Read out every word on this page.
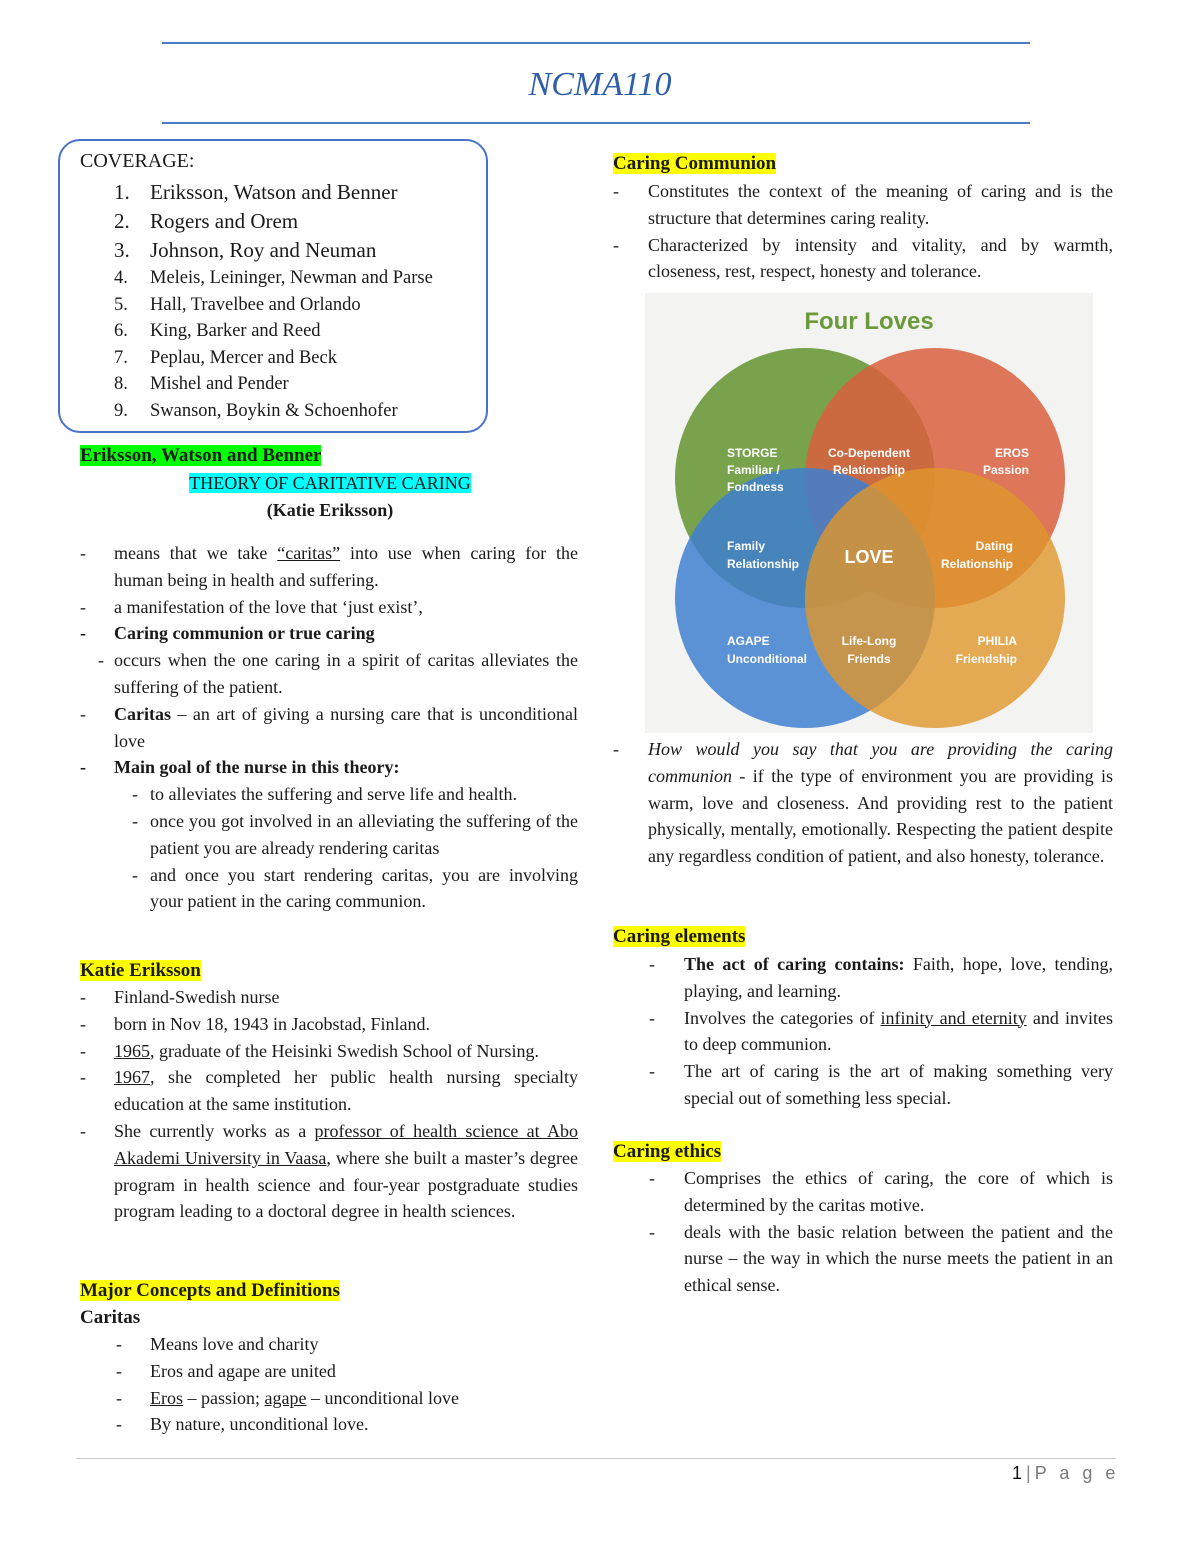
NCMA110
COVERAGE:
1. Eriksson, Watson and Benner
2. Rogers and Orem
3. Johnson, Roy and Neuman
4.	Meleis, Leininger, Newman and Parse
5.	Hall, Travelbee and Orlando
6.	King, Barker and Reed
7.	Peplau, Mercer and Beck
8.	Mishel and Pender
9.	Swanson, Boykin & Schoenhofer
Eriksson, Watson and Benner
THEORY OF CARITATIVE CARING
(Katie Eriksson)
- means that we take “caritas” into use when caring for the human being in health and suffering.
- a manifestation of the love that ‘just exist’,
- Caring communion or true caring
- occurs when the one caring in a spirit of caritas alleviates the suffering of the patient.
- Caritas – an art of giving a nursing care that is unconditional love
- Main goal of the nurse in this theory:
- to alleviates the suffering and serve life and health.
- once you got involved in an alleviating the suffering of the patient you are already rendering caritas
- and once you start rendering caritas, you are involving your patient in the caring communion.
Katie Eriksson
- Finland-Swedish nurse
- born in Nov 18, 1943 in Jacobstad, Finland.
- 1965, graduate of the Heisinki Swedish School of Nursing.
- 1967, she completed her public health nursing specialty education at the same institution.
- She currently works as a professor of health science at Abo Akademi University in Vaasa, where she built a master’s degree program in health science and four-year postgraduate studies program leading to a doctoral degree in health sciences.
Major Concepts and Definitions
Caritas
- Means love and charity
- Eros and agape are united
- Eros – passion; agape – unconditional love
- By nature, unconditional love.
Caring Communion
- Constitutes the context of the meaning of caring and is the structure that determines caring reality.
- Characterized by intensity and vitality, and by warmth, closeness, rest, respect, honesty and tolerance.
Four Loves
STORGE
Familiar /
Fondness
Co-Dependent
Relationship
EROS
Passion
Family
Relationship	LOVE
Dating
Relationship
AGAPE
Unconditional
Life-Long
Friends
PHILIA
Friendship
- How would you say that you are providing the caring communion - if the type of environment you are providing is warm, love and closeness. And providing rest to the patient physically, mentally, emotionally. Respecting the patient despite any regardless condition of patient, and also honesty, tolerance.
Caring elements
- The act of caring contains: Faith, hope, love, tending, playing, and learning.
- Involves the categories of infinity and eternity and invites to deep communion.
- The art of caring is the art of making something very special out of something less special.
Caring ethics
- Comprises the ethics of caring, the core of which is determined by the caritas motive.
- deals with the basic relation between the patient and the nurse – the way in which the nurse meets the patient in an ethical sense.
1 | P a g e
